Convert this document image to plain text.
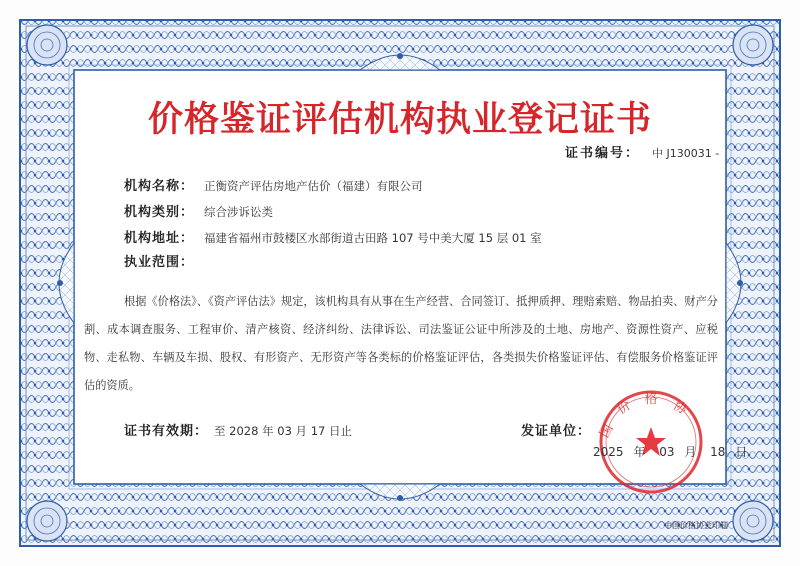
价格鉴证评估机构执业登记证书
证书编号： 中 J130031 -
机构名称： 正衡资产评估房地产估价（福建）有限公司
机构类别： 综合涉诉讼类
机构地址： 福建省福州市鼓楼区水部街道古田路 107 号中美大厦 15 层 01 室
执业范围：
根据《价格法》、《资产评估法》规定，该机构具有从事在生产经营、合同签订、抵押质押、理赔索赔、物品拍卖、财产分割、成本调查服务、工程审价、清产核资、经济纠纷、法律诉讼、司法鉴证公证中所涉及的土地、房地产、资源性资产、应税物、走私物、车辆及车损、股权、有形资产、无形资产等各类标的价格鉴证评估，各类损失价格鉴证评估、有偿服务价格鉴证评估的资质。
证书有效期： 至 2028 年 03 月 17 日止	发证单位： 国
价 格 协
2025 年 03 月 18 日
中国价格协会印制
